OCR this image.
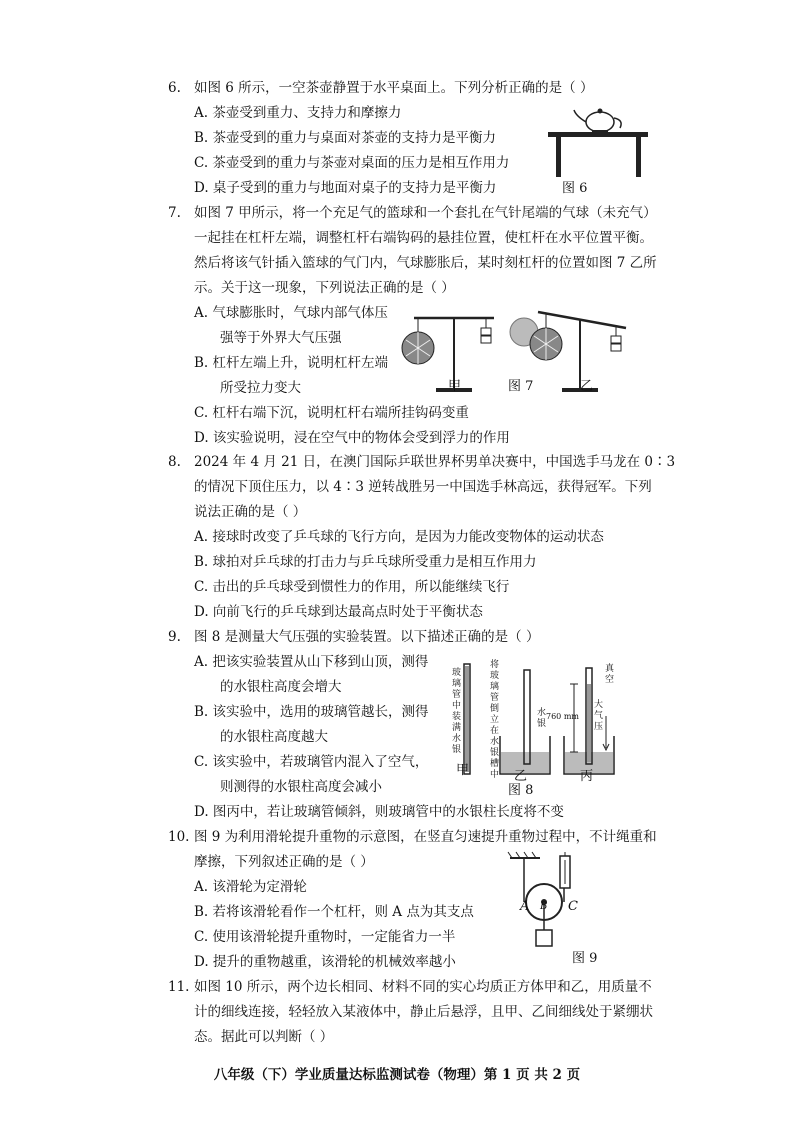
6. 如图 6 所示，一空茶壶静置于水平桌面上。下列分析正确的是（ ）
A. 茶壶受到重力、支持力和摩擦力
B. 茶壶受到的重力与桌面对茶壶的支持力是平衡力
C. 茶壶受到的重力与茶壶对桌面的压力是相互作用力
D. 桌子受到的重力与地面对桌子的支持力是平衡力	图 6
7. 如图 7 甲所示，将一个充足气的篮球和一个套扎在气针尾端的气球（未充气）
一起挂在杠杆左端，调整杠杆右端钩码的悬挂位置，使杠杆在水平位置平衡。
然后将该气针插入篮球的气门内，气球膨胀后，某时刻杠杆的位置如图 7 乙所
示。关于这一现象，下列说法正确的是（ ）
A. 气球膨胀时，气球内部气体压
强等于外界大气压强
B. 杠杆左端上升，说明杠杆左端
所受拉力变大
C. 杠杆右端下沉，说明杠杆右端所挂钩码变重
D. 该实验说明，浸在空气中的物体会受到浮力的作用
甲	图 7	乙
8. 2024 年 4 月 21 日，在澳门国际乒联世界杯男单决赛中，中国选手马龙在 0∶3
的情况下顶住压力，以 4∶3 逆转战胜另一中国选手林高远，获得冠军。下列
说法正确的是（ ）
A. 接球时改变了乒乓球的飞行方向，是因为力能改变物体的运动状态
B. 球拍对乒乓球的打击力与乒乓球所受重力是相互作用力
C. 击出的乒乓球受到惯性力的作用，所以能继续飞行
D. 向前飞行的乒乓球到达最高点时处于平衡状态
9. 图 8 是测量大气压强的实验装置。以下描述正确的是（ ）
A. 把该实验装置从山下移到山顶，测得
的水银柱高度会增大
B. 该实验中，选用的玻璃管越长，测得
的水银柱高度越大
C. 该实验中，若玻璃管内混入了空气，
则测得的水银柱高度会减小
D. 图丙中，若让玻璃管倾斜，则玻璃管中的水银柱长度将不变
玻璃管中装满水银
将玻璃管倒立在水银槽中
水银
真空
760 mm
大气压
甲	乙	丙
图 8
10. 图 9 为利用滑轮提升重物的示意图，在竖直匀速提升重物过程中，不计绳重和
摩擦，下列叙述正确的是（ ）
A. 该滑轮为定滑轮
B. 若将该滑轮看作一个杠杆，则 A 点为其支点
C. 使用该滑轮提升重物时，一定能省力一半
D. 提升的重物越重，该滑轮的机械效率越小
A B C
图 9
11. 如图 10 所示，两个边长相同、材料不同的实心均质正方体甲和乙，用质量不
计的细线连接，轻轻放入某液体中，静止后悬浮，且甲、乙间细线处于紧绷状
态。据此可以判断（ ）
八年级（下）学业质量达标监测试卷（物理）第 1 页 共 2 页
